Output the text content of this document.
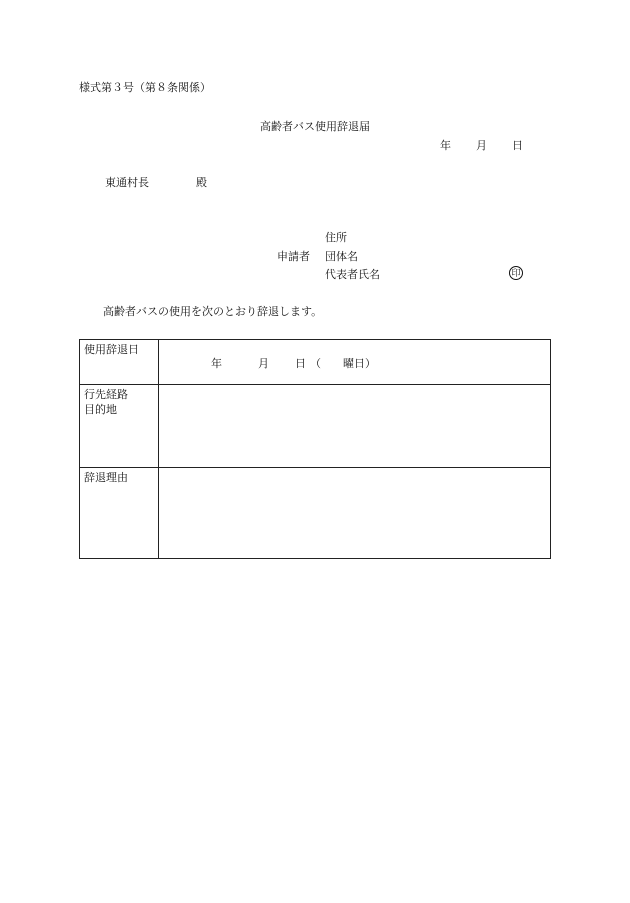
様式第３号（第８条関係）
高齢者バス使用辞退届
年 月 日
東通村長	殿
住所
申請者 団体名
代表者氏名	印
高齢者バスの使用を次のとおり辞退します。
使用辞退日	年 月 日 （　　曜日）

行先経路
目的地	

辞退理由	
